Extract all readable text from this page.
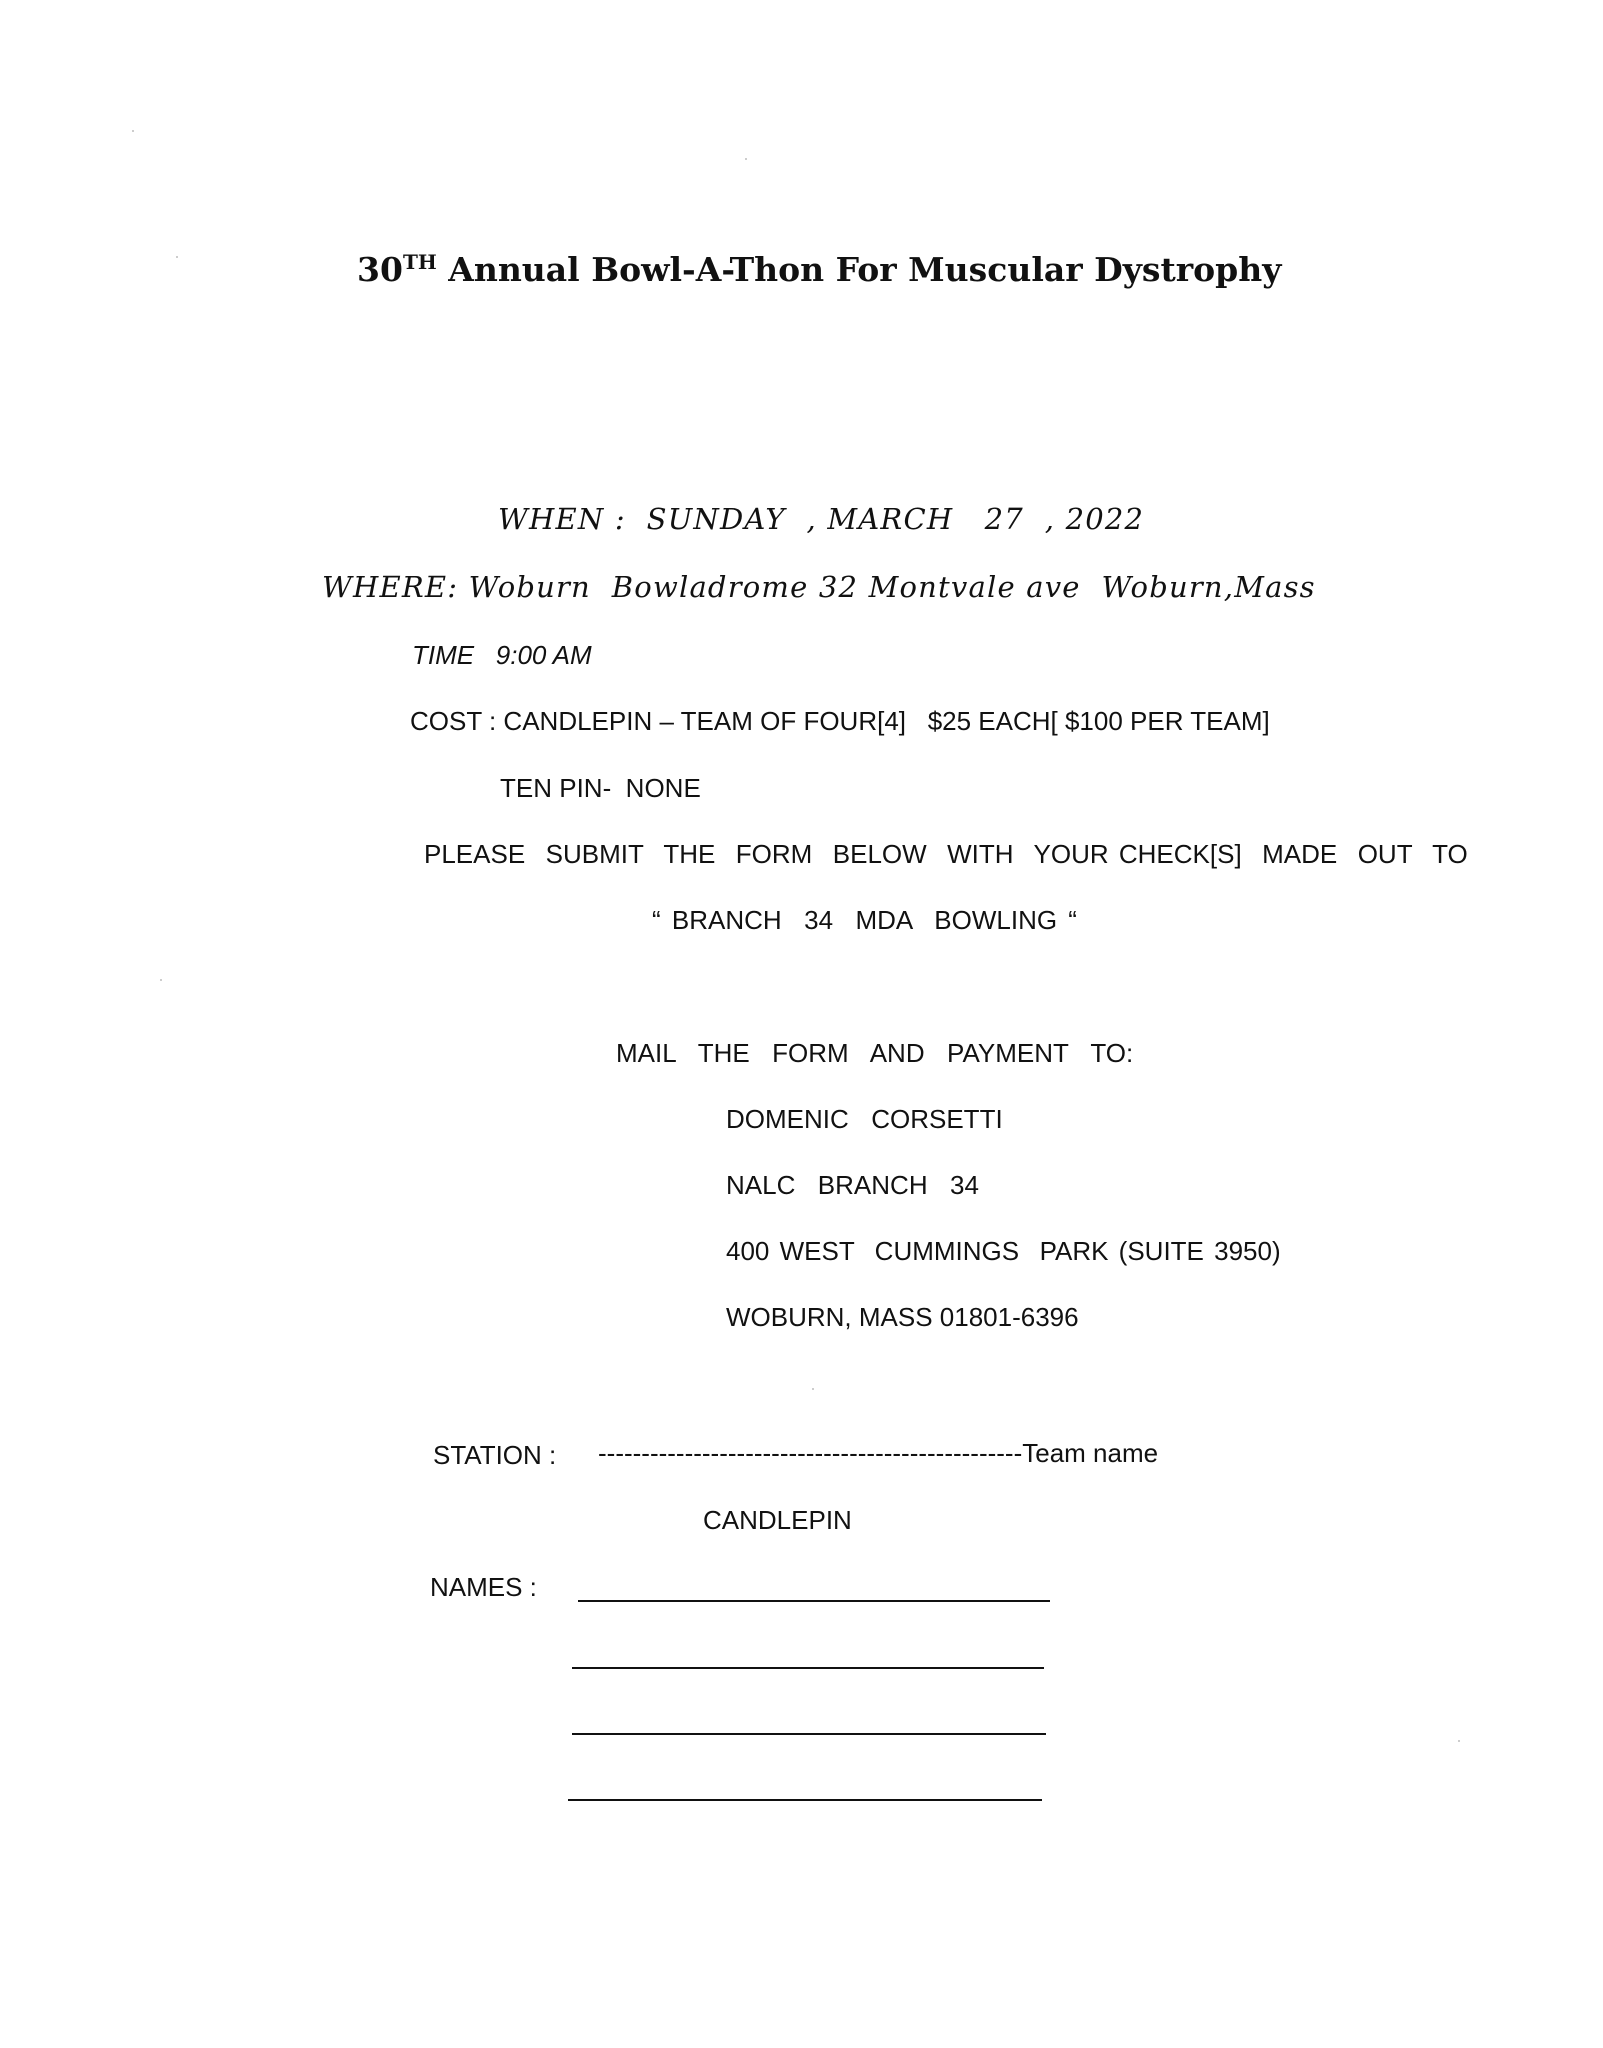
30TH Annual Bowl-A-Thon For Muscular Dystrophy
WHEN :  SUNDAY  , MARCH   27  , 2022
WHERE: Woburn  Bowladrome 32 Montvale ave  Woburn,Mass
TIME   9:00 AM
COST : CANDLEPIN – TEAM OF FOUR[4]   $25 EACH[ $100 PER TEAM]
TEN PIN-  NONE
PLEASE  SUBMIT  THE  FORM  BELOW  WITH  YOUR CHECK[S]  MADE  OUT  TO
“ BRANCH  34  MDA  BOWLING “
MAIL  THE  FORM  AND  PAYMENT  TO:
DOMENIC  CORSETTI
NALC  BRANCH  34
400 WEST  CUMMINGS  PARK (SUITE 3950)
WOBURN, MASS 01801-6396
STATION : -------------------------------------------------Team name
CANDLEPIN
NAMES :
